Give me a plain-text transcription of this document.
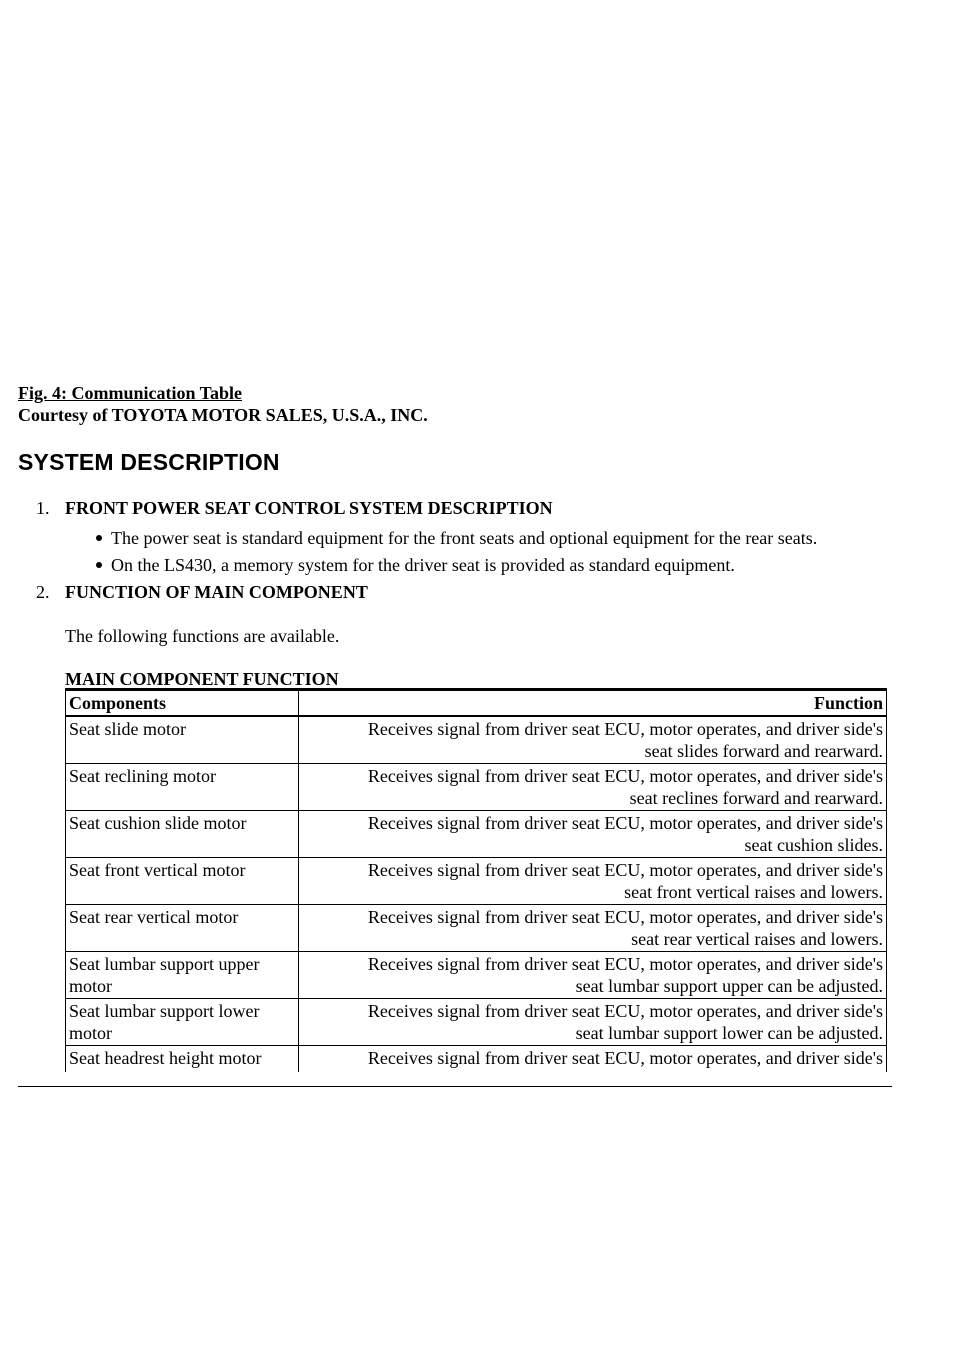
Fig. 4: Communication Table
Courtesy of TOYOTA MOTOR SALES, U.S.A., INC.
SYSTEM DESCRIPTION
1. FRONT POWER SEAT CONTROL SYSTEM DESCRIPTION
The power seat is standard equipment for the front seats and optional equipment for the rear seats.
On the LS430, a memory system for the driver seat is provided as standard equipment.
2. FUNCTION OF MAIN COMPONENT
The following functions are available.
MAIN COMPONENT FUNCTION
Components	Function
Seat slide motor	Receives signal from driver seat ECU, motor operates, and driver side's
seat slides forward and rearward.
Seat reclining motor	Receives signal from driver seat ECU, motor operates, and driver side's
seat reclines forward and rearward.
Seat cushion slide motor	Receives signal from driver seat ECU, motor operates, and driver side's
seat cushion slides.
Seat front vertical motor	Receives signal from driver seat ECU, motor operates, and driver side's
seat front vertical raises and lowers.
Seat rear vertical motor	Receives signal from driver seat ECU, motor operates, and driver side's
seat rear vertical raises and lowers.
Seat lumbar support upper
motor	Receives signal from driver seat ECU, motor operates, and driver side's
seat lumbar support upper can be adjusted.
Seat lumbar support lower
motor	Receives signal from driver seat ECU, motor operates, and driver side's
seat lumbar support lower can be adjusted.
Seat headrest height motor	Receives signal from driver seat ECU, motor operates, and driver side's
